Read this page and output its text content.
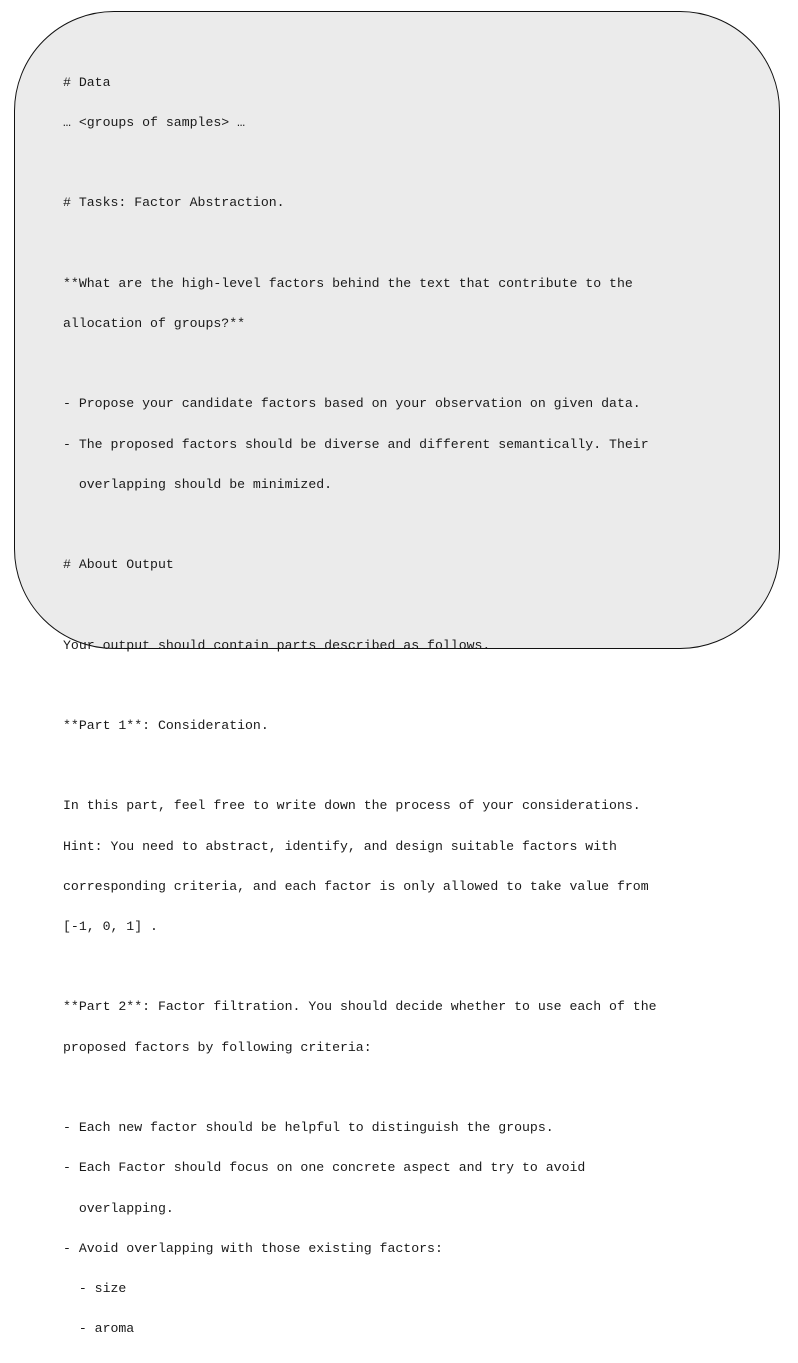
# Data

… <groups of samples> …

# Tasks: Factor Abstraction.

**What are the high-level factors behind the text that contribute to the

allocation of groups?**

- Propose your candidate factors based on your observation on given data.

- The proposed factors should be diverse and different semantically. Their

overlapping should be minimized.

# About Output

Your output should contain parts described as follows.

**Part 1**: Consideration.

In this part, feel free to write down the process of your considerations.

Hint: You need to abstract, identify, and design suitable factors with

corresponding criteria, and each factor is only allowed to take value from

[-1, 0, 1] .

**Part 2**: Factor filtration. You should decide whether to use each of the

proposed factors by following criteria:

- Each new factor should be helpful to distinguish the groups.

- Each Factor should focus on one concrete aspect and try to avoid

overlapping.

- Avoid overlapping with those existing factors:

- size

- aroma
